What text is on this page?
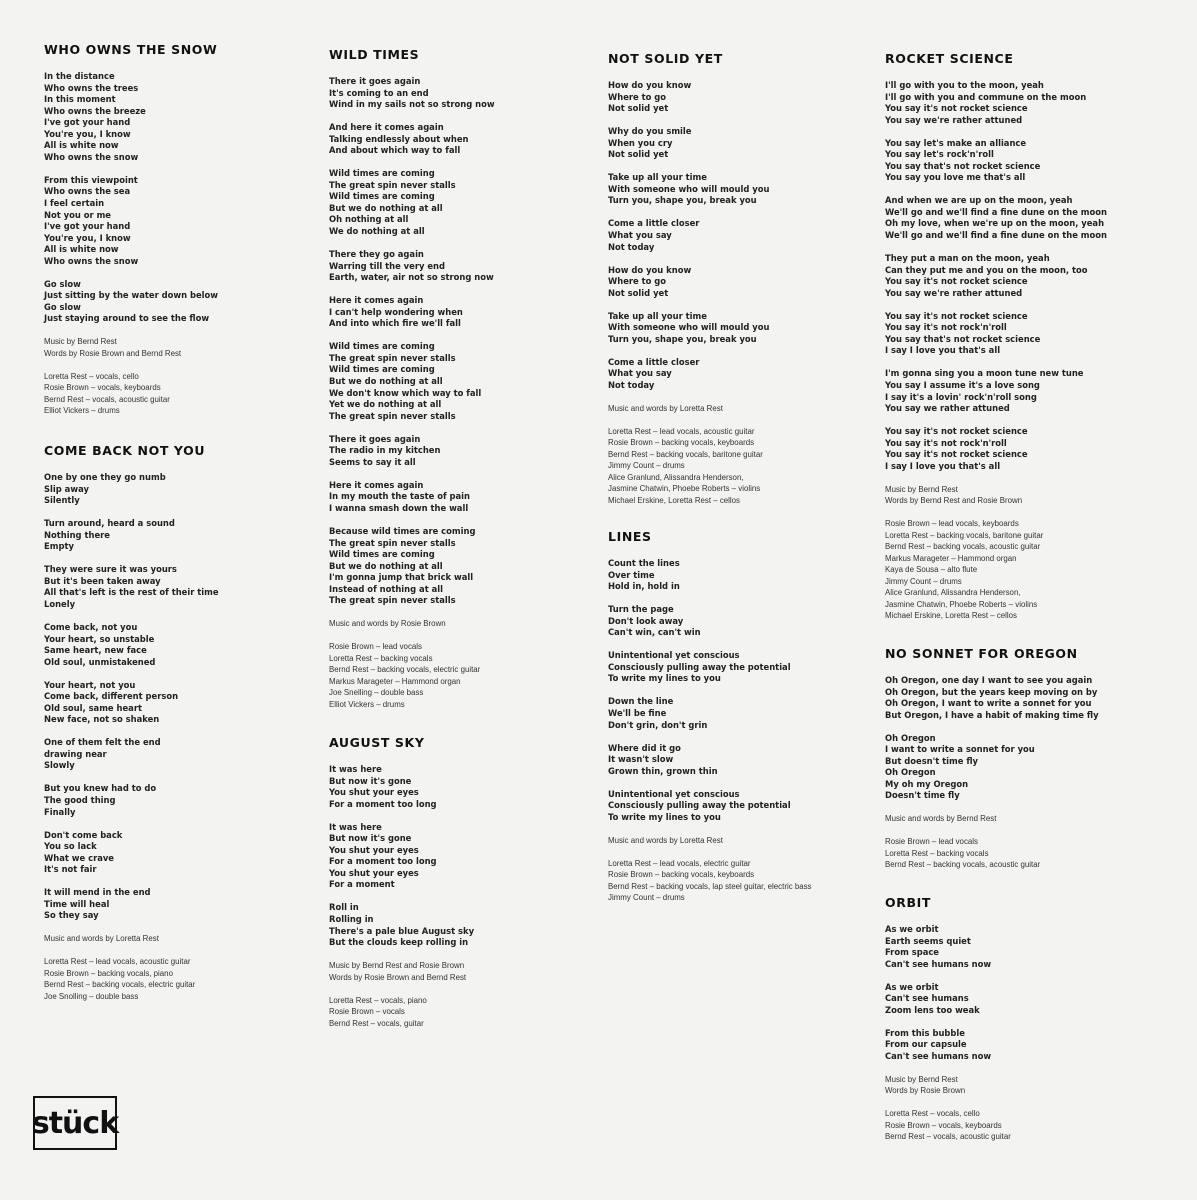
WHO OWNS THE SNOW
In the distance
Who owns the trees
In this moment
Who owns the breeze
I've got your hand
You're you, I know
All is white now
Who owns the snow
From this viewpoint
Who owns the sea
I feel certain
Not you or me
I've got your hand
You're you, I know
All is white now
Who owns the snow
Go slow
Just sitting by the water down below
Go slow
Just staying around to see the flow
Music by Bernd Rest
Words by Rosie Brown and Bernd Rest
Loretta Rest – vocals, cello
Rosie Brown – vocals, keyboards
Bernd Rest – vocals, acoustic guitar
Elliot Vickers – drums
COME BACK NOT YOU
One by one they go numb
Slip away
Silently
Turn around, heard a sound
Nothing there
Empty
They were sure it was yours
But it's been taken away
All that's left is the rest of their time
Lonely
Come back, not you
Your heart, so unstable
Same heart, new face
Old soul, unmistakened
Your heart, not you
Come back, different person
Old soul, same heart
New face, not so shaken
One of them felt the end
drawing near
Slowly
But you knew had to do
The good thing
Finally
Don't come back
You so lack
What we crave
It's not fair
It will mend in the end
Time will heal
So they say
Music and words by Loretta Rest
Loretta Rest – lead vocals, acoustic guitar
Rosie Brown – backing vocals, piano
Bernd Rest – backing vocals, electric guitar
Joe Snolling – double bass
WILD TIMES
There it goes again
It's coming to an end
Wind in my sails not so strong now
And here it comes again
Talking endlessly about when
And about which way to fall
Wild times are coming
The great spin never stalls
Wild times are coming
But we do nothing at all
Oh nothing at all
We do nothing at all
There they go again
Warring till the very end
Earth, water, air not so strong now
Here it comes again
I can't help wondering when
And into which fire we'll fall
Wild times are coming
The great spin never stalls
Wild times are coming
But we do nothing at all
We don't know which way to fall
Yet we do nothing at all
The great spin never stalls
There it goes again
The radio in my kitchen
Seems to say it all
Here it comes again
In my mouth the taste of pain
I wanna smash down the wall
Because wild times are coming
The great spin never stalls
Wild times are coming
But we do nothing at all
I'm gonna jump that brick wall
Instead of nothing at all
The great spin never stalls
Music and words by Rosie Brown
Rosie Brown – lead vocals
Loretta Rest – backing vocals
Bernd Rest – backing vocals, electric guitar
Markus Marageter – Hammond organ
Joe Snelling – double bass
Elliot Vickers – drums
AUGUST SKY
It was here
But now it's gone
You shut your eyes
For a moment too long
It was here
But now it's gone
You shut your eyes
For a moment too long
You shut your eyes
For a moment
Roll in
Rolling in
There's a pale blue August sky
But the clouds keep rolling in
Music by Bernd Rest and Rosie Brown
Words by Rosie Brown and Bernd Rest
Loretta Rest – vocals, piano
Rosie Brown – vocals
Bernd Rest – vocals, guitar
NOT SOLID YET
How do you know
Where to go
Not solid yet
Why do you smile
When you cry
Not solid yet
Take up all your time
With someone who will mould you
Turn you, shape you, break you
Come a little closer
What you say
Not today
How do you know
Where to go
Not solid yet
Take up all your time
With someone who will mould you
Turn you, shape you, break you
Come a little closer
What you say
Not today
Music and words by Loretta Rest
Loretta Rest – lead vocals, acoustic guitar
Rosie Brown – backing vocals, keyboards
Bernd Rest – backing vocals, baritone guitar
Jimmy Count – drums
Alice Granlund, Alissandra Henderson,
Jasmine Chatwin, Phoebe Roberts – violins
Michael Erskine, Loretta Rest – cellos
LINES
Count the lines
Over time
Hold in, hold in
Turn the page
Don't look away
Can't win, can't win
Unintentional yet conscious
Consciously pulling away the potential
To write my lines to you
Down the line
We'll be fine
Don't grin, don't grin
Where did it go
It wasn't slow
Grown thin, grown thin
Unintentional yet conscious
Consciously pulling away the potential
To write my lines to you
Music and words by Loretta Rest
Loretta Rest – lead vocals, electric guitar
Rosie Brown – backing vocals, keyboards
Bernd Rest – backing vocals, lap steel guitar, electric bass
Jimmy Count – drums
ROCKET SCIENCE
I'll go with you to the moon, yeah
I'll go with you and commune on the moon
You say it's not rocket science
You say we're rather attuned
You say let's make an alliance
You say let's rock'n'roll
You say that's not rocket science
You say you love me that's all
And when we are up on the moon, yeah
We'll go and we'll find a fine dune on the moon
Oh my love, when we're up on the moon, yeah
We'll go and we'll find a fine dune on the moon
They put a man on the moon, yeah
Can they put me and you on the moon, too
You say it's not rocket science
You say we're rather attuned
You say it's not rocket science
You say it's not rock'n'roll
You say that's not rocket science
I say I love you that's all
I'm gonna sing you a moon tune new tune
You say I assume it's a love song
I say it's a lovin' rock'n'roll song
You say we rather attuned
You say it's not rocket science
You say it's not rock'n'roll
You say it's not rocket science
I say I love you that's all
Music by Bernd Rest
Words by Bernd Rest and Rosie Brown
Rosie Brown – lead vocals, keyboards
Loretta Rest – backing vocals, baritone guitar
Bernd Rest – backing vocals, acoustic guitar
Markus Marageter – Hammond organ
Kaya de Sousa – alto flute
Jimmy Count – drums
Alice Granlund, Alissandra Henderson,
Jasmine Chatwin, Phoebe Roberts – violins
Michael Erskine, Loretta Rest – cellos
NO SONNET FOR OREGON
Oh Oregon, one day I want to see you again
Oh Oregon, but the years keep moving on by
Oh Oregon, I want to write a sonnet for you
But Oregon, I have a habit of making time fly
Oh Oregon
I want to write a sonnet for you
But doesn't time fly
Oh Oregon
My oh my Oregon
Doesn't time fly
Music and words by Bernd Rest
Rosie Brown – lead vocals
Loretta Rest – backing vocals
Bernd Rest – backing vocals, acoustic guitar
ORBIT
As we orbit
Earth seems quiet
From space
Can't see humans now
As we orbit
Can't see humans
Zoom lens too weak
From this bubble
From our capsule
Can't see humans now
Music by Bernd Rest
Words by Rosie Brown
Loretta Rest – vocals, cello
Rosie Brown – vocals, keyboards
Bernd Rest – vocals, acoustic guitar
stück
